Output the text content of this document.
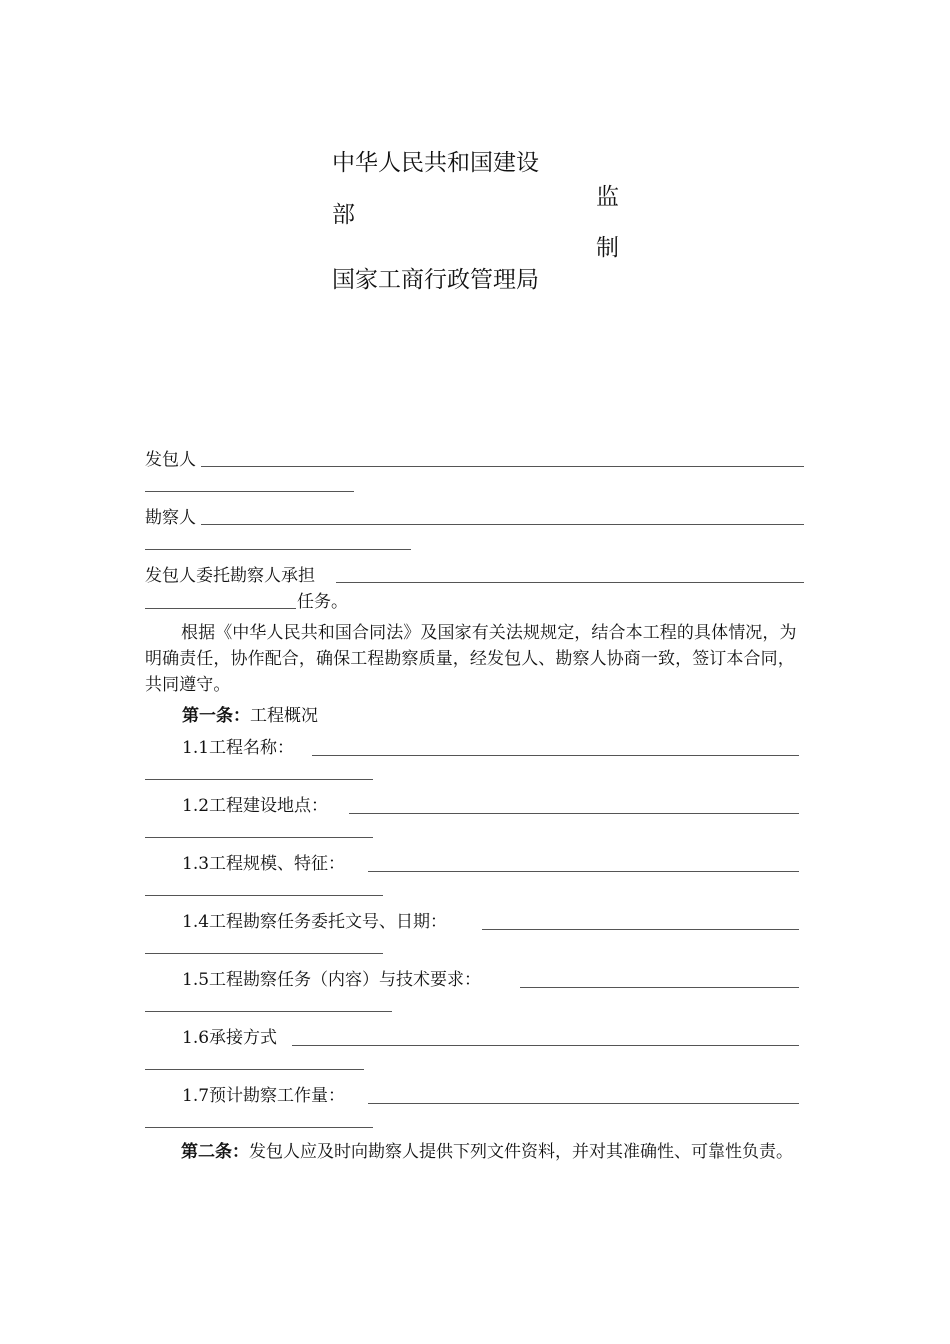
中华人民共和国建设
部
监
制
国家工商行政管理局
发包人
勘察人
发包人委托勘察人承担
任务。
根据《中华人民共和国合同法》及国家有关法规规定，结合本工程的具体情况，为明确责任，协作配合，确保工程勘察质量，经发包人、勘察人协商一致，签订本合同，共同遵守。
第一条：工程概况
1.1工程名称：
1.2工程建设地点：
1.3工程规模、特征：
1.4工程勘察任务委托文号、日期：
1.5工程勘察任务（内容）与技术要求：
1.6承接方式
1.7预计勘察工作量：
第二条：发包人应及时向勘察人提供下列文件资料，并对其准确性、可靠性负责。
